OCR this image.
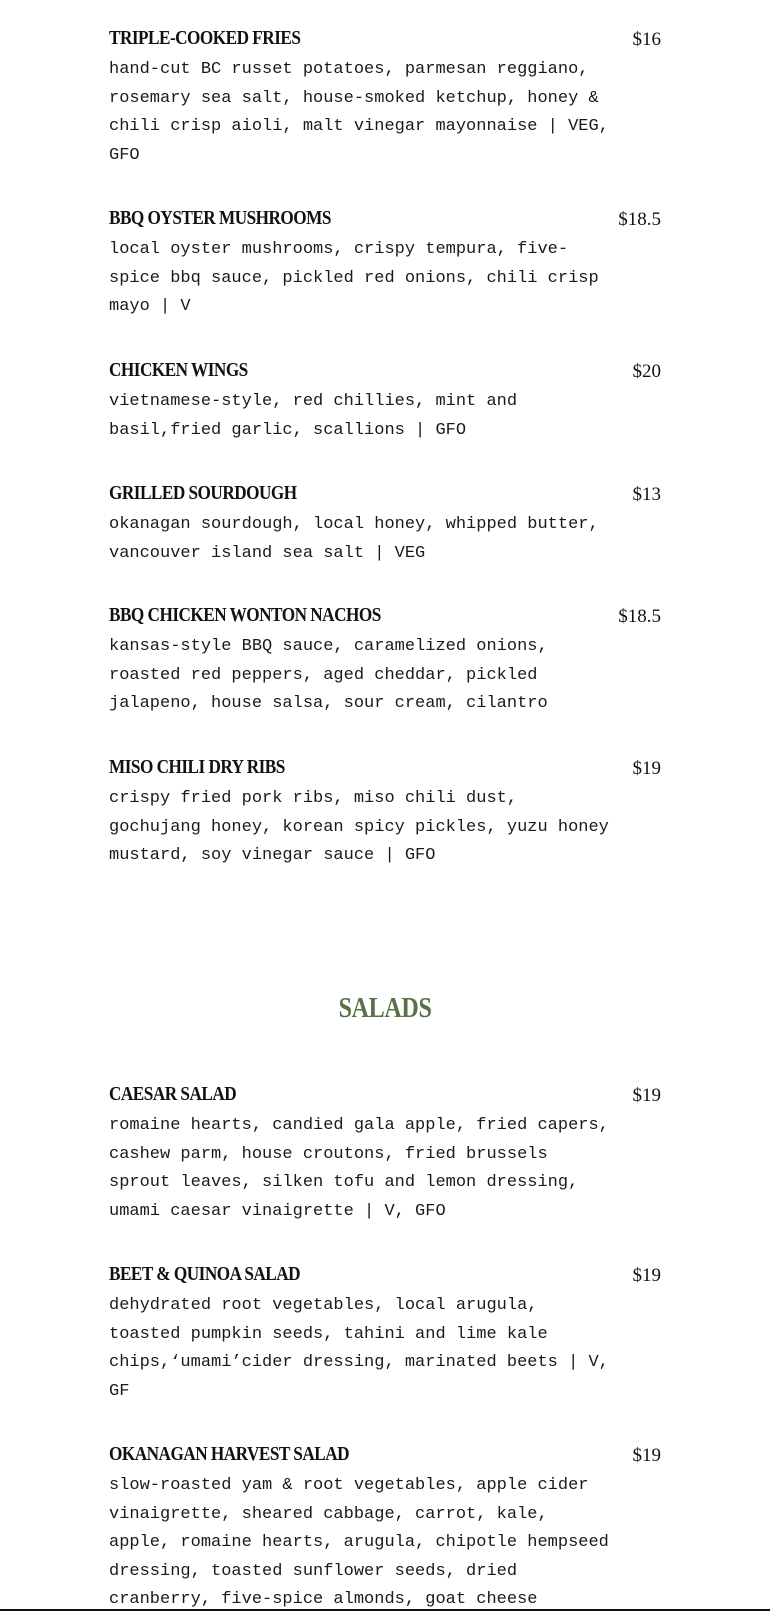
TRIPLE-COOKED FRIES	$16
hand-cut BC russet potatoes, parmesan reggiano, rosemary sea salt, house-smoked ketchup, honey & chili crisp aioli, malt vinegar mayonnaise | VEG, GFO
BBQ OYSTER MUSHROOMS	$18.5
local oyster mushrooms, crispy tempura, five-spice bbq sauce, pickled red onions, chili crisp mayo | V
CHICKEN WINGS	$20
vietnamese-style, red chillies, mint and basil,fried garlic, scallions | GFO
GRILLED SOURDOUGH	$13
okanagan sourdough, local honey, whipped butter, vancouver island sea salt | VEG
BBQ CHICKEN WONTON NACHOS	$18.5
kansas-style BBQ sauce, caramelized onions, roasted red peppers, aged cheddar, pickled jalapeno, house salsa, sour cream, cilantro
MISO CHILI DRY RIBS	$19
crispy fried pork ribs, miso chili dust, gochujang honey, korean spicy pickles, yuzu honey mustard, soy vinegar sauce | GFO
SALADS
CAESAR SALAD	$19
romaine hearts, candied gala apple, fried capers, cashew parm, house croutons, fried brussels sprout leaves, silken tofu and lemon dressing, umami caesar vinaigrette | V, GFO
BEET & QUINOA SALAD	$19
dehydrated root vegetables, local arugula, toasted pumpkin seeds, tahini and lime kale chips,‘umami’cider dressing, marinated beets | V, GF
OKANAGAN HARVEST SALAD	$19
slow-roasted yam & root vegetables, apple cider vinaigrette, sheared cabbage, carrot, kale, apple, romaine hearts, arugula, chipotle hempseed dressing, toasted sunflower seeds, dried cranberry, five-spice almonds, goat cheese
